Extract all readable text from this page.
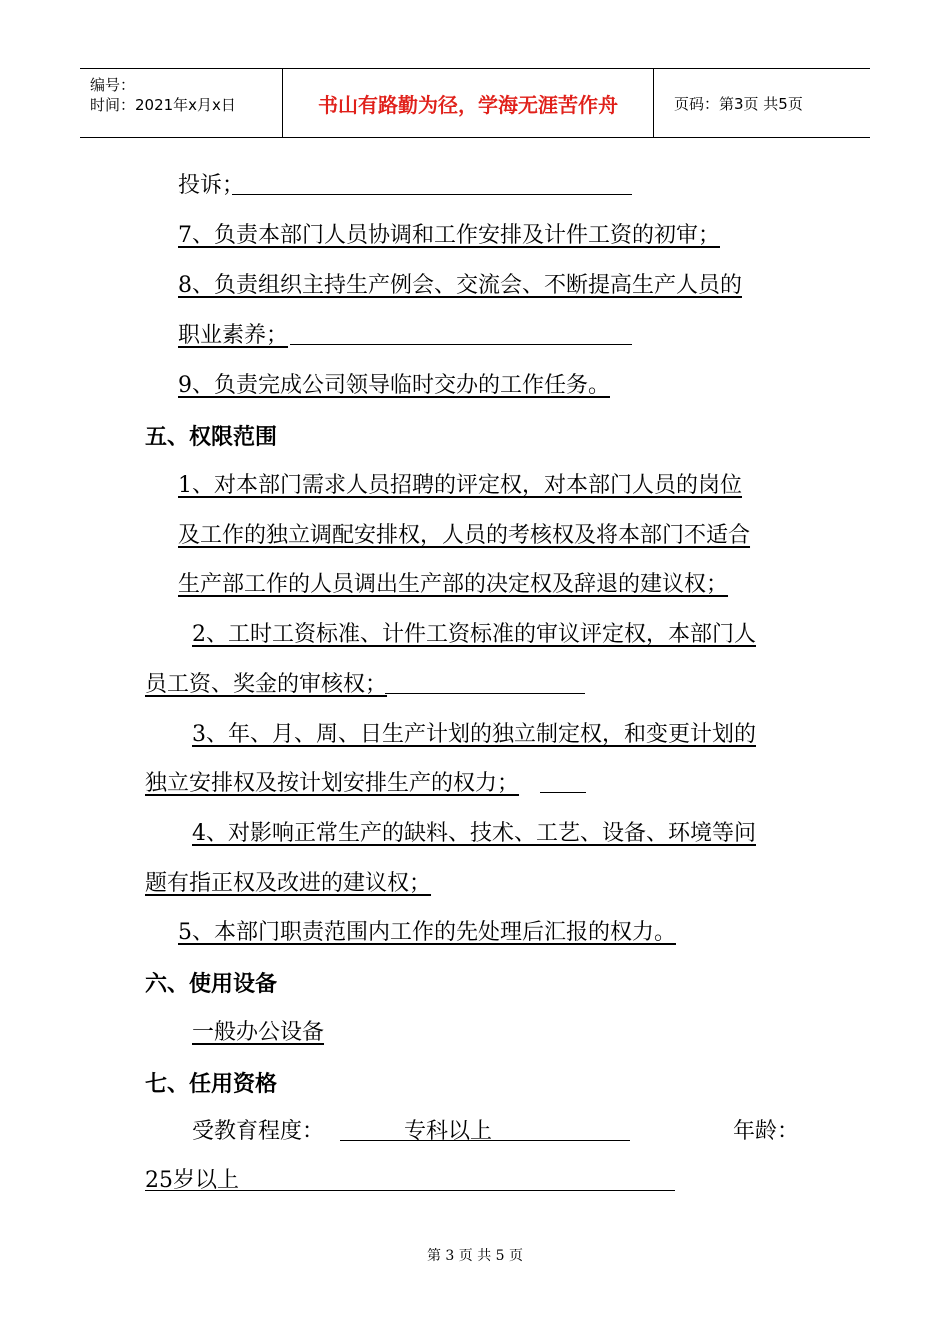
编号：
时间：2021年x月x日	书山有路勤为径，学海无涯苦作舟	页码：第3页 共5页
投诉；
7、负责本部门人员协调和工作安排及计件工资的初审；
8、负责组织主持生产例会、交流会、不断提高生产人员的
职业素养；
9、负责完成公司领导临时交办的工作任务。
五、权限范围
1、对本部门需求人员招聘的评定权，对本部门人员的岗位
及工作的独立调配安排权，人员的考核权及将本部门不适合
生产部工作的人员调出生产部的决定权及辞退的建议权；
2、工时工资标准、计件工资标准的审议评定权，本部门人
员工资、奖金的审核权；
3、年、月、周、日生产计划的独立制定权，和变更计划的
独立安排权及按计划安排生产的权力；
4、对影响正常生产的缺料、技术、工艺、设备、环境等问
题有指正权及改进的建议权；
5、本部门职责范围内工作的先处理后汇报的权力。
六、使用设备
一般办公设备
七、任用资格
受教育程度：	专科以上	年龄：
25岁以上
第 3 页 共 5 页
